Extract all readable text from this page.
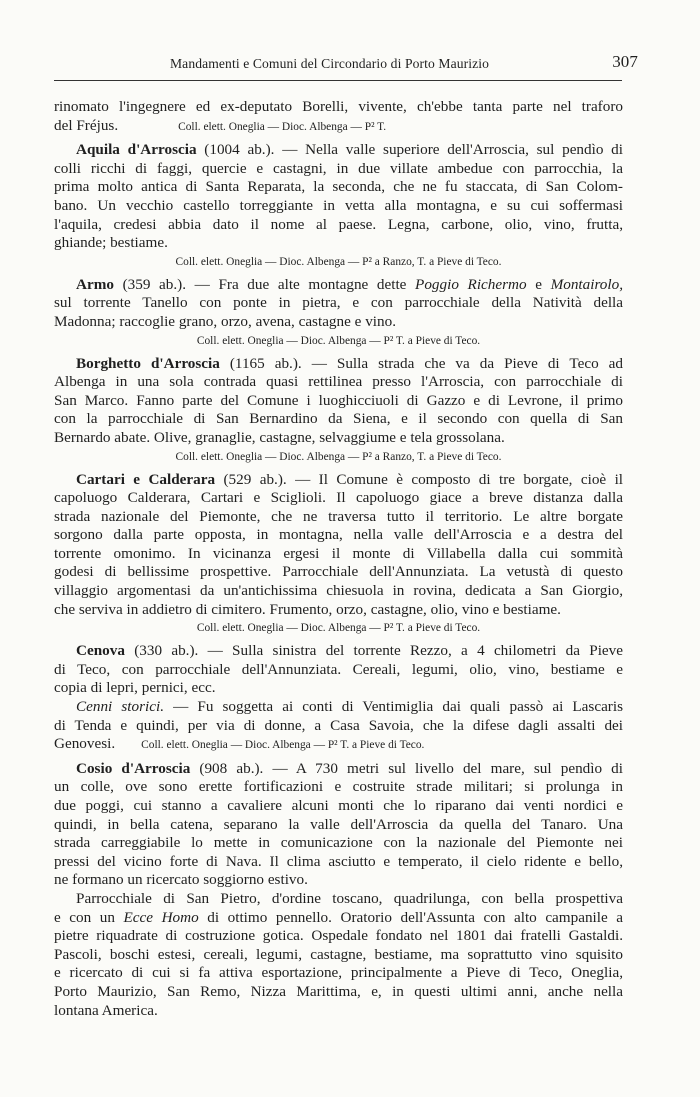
Mandamenti e Comuni del Circondario di Porto Maurizio	307

rinomato l'ingegnere ed ex-deputato Borelli, vivente, ch'ebbe tanta parte nel traforo
del Fréjus.	Coll. elett. Oneglia — Dioc. Albenga — P² T.

Aquila d'Arroscia (1004 ab.). — Nella valle superiore dell'Arroscia, sul pendìo di

colli ricchi di faggi, quercie e castagni, in due villate ambedue con parrocchia, la
prima molto antica di Santa Reparata, la seconda, che ne fu staccata, di San Colom-
bano. Un vecchio castello torreggiante in vetta alla montagna, e su cui soffermasi
l'aquila, credesi abbia dato il nome al paese. Legna, carbone, olio, vino, frutta,
ghiande; bestiame.
Coll. elett. Oneglia — Dioc. Albenga — P² a Ranzo, T. a Pieve di Teco.

Armo (359 ab.). — Fra due alte montagne dette Poggio Richermo e Montairolo,

sul torrente Tanello con ponte in pietra, e con parrocchiale della Natività della
Madonna; raccoglie grano, orzo, avena, castagne e vino.
Coll. elett. Oneglia — Dioc. Albenga — P² T. a Pieve di Teco.

Borghetto d'Arroscia (1165 ab.). — Sulla strada che va da Pieve di Teco ad

Albenga in una sola contrada quasi rettilinea presso l'Arroscia, con parrocchiale di
San Marco. Fanno parte del Comune i luoghicciuoli di Gazzo e di Levrone, il primo
con la parrocchiale di San Bernardino da Siena, e il secondo con quella di San
Bernardo abate. Olive, granaglie, castagne, selvaggiume e tela grossolana.
Coll. elett. Oneglia — Dioc. Albenga — P² a Ranzo, T. a Pieve di Teco.

Cartari e Calderara (529 ab.). — Il Comune è composto di tre borgate, cioè il

capoluogo Calderara, Cartari e Sciglioli. Il capoluogo giace a breve distanza dalla
strada nazionale del Piemonte, che ne traversa tutto il territorio. Le altre borgate
sorgono dalla parte opposta, in montagna, nella valle dell'Arroscia e a destra del
torrente omonimo. In vicinanza ergesi il monte di Villabella dalla cui sommità
godesi di bellissime prospettive. Parrocchiale dell'Annunziata. La vetustà di questo
villaggio argomentasi da un'antichissima chiesuola in rovina, dedicata a San Giorgio,
che serviva in addietro di cimitero. Frumento, orzo, castagne, olio, vino e bestiame.
Coll. elett. Oneglia — Dioc. Albenga — P² T. a Pieve di Teco.

Cenova (330 ab.). — Sulla sinistra del torrente Rezzo, a 4 chilometri da Pieve

di Teco, con parrocchiale dell'Annunziata. Cereali, legumi, olio, vino, bestiame e
copia di lepri, pernici, ecc.

Cenni storici. — Fu soggetta ai conti di Ventimiglia dai quali passò ai Lascaris

di Tenda e quindi, per via di donne, a Casa Savoia, che la difese dagli assalti dei
Genovesi. Coll. elett. Oneglia — Dioc. Albenga — P² T. a Pieve di Teco.

Cosio d'Arroscia (908 ab.). — A 730 metri sul livello del mare, sul pendìo di

un colle, ove sono erette fortificazioni e costruite strade militari; si prolunga in
due poggi, cui stanno a cavaliere alcuni monti che lo riparano dai venti nordici e
quindi, in bella catena, separano la valle dell'Arroscia da quella del Tanaro. Una
strada carreggiabile lo mette in comunicazione con la nazionale del Piemonte nei
pressi del vicino forte di Nava. Il clima asciutto e temperato, il cielo ridente e bello,
ne formano un ricercato soggiorno estivo.

Parrocchiale di San Pietro, d'ordine toscano, quadrilunga, con bella prospettiva

e con un Ecce Homo di ottimo pennello. Oratorio dell'Assunta con alto campanile a
pietre riquadrate di costruzione gotica. Ospedale fondato nel 1801 dai fratelli Gastaldi.
Pascoli, boschi estesi, cereali, legumi, castagne, bestiame, ma soprattutto vino squisito
e ricercato di cui si fa attiva esportazione, principalmente a Pieve di Teco, Oneglia,
Porto Maurizio, San Remo, Nizza Marittima, e, in questi ultimi anni, anche nella
lontana America.
